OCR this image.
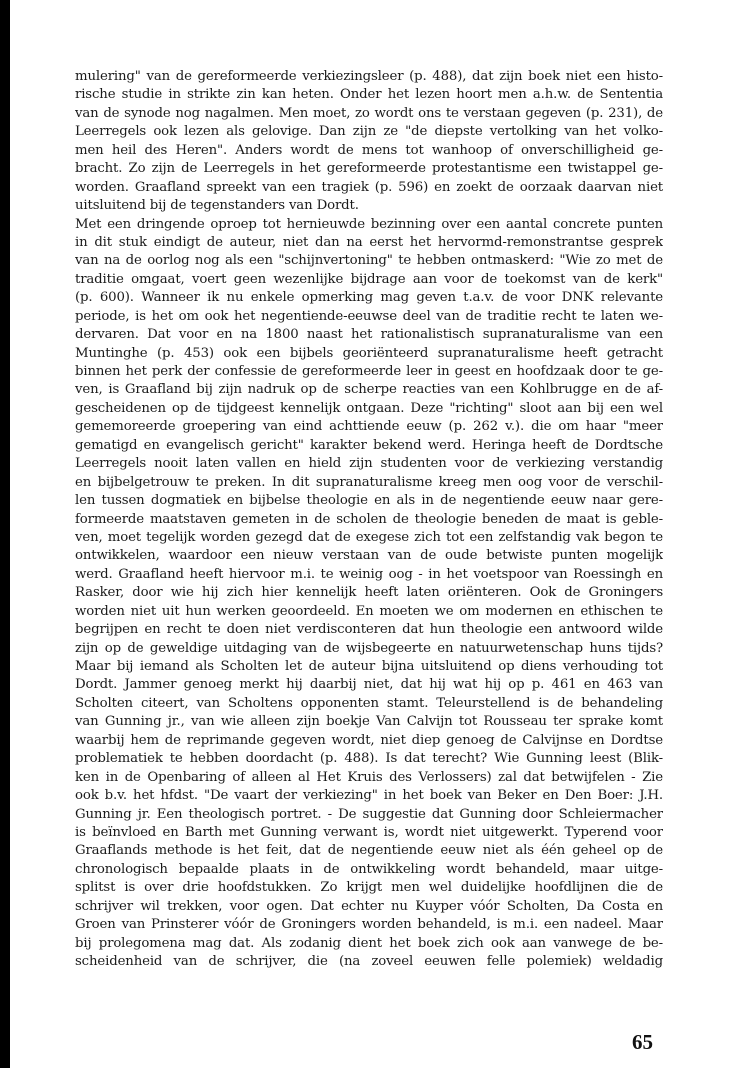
mulering" van de gereformeerde verkiezingsleer (p. 488), dat zijn boek niet een histo-
rische studie in strikte zin kan heten. Onder het lezen hoort men a.h.w. de Sententia
van de synode nog nagalmen. Men moet, zo wordt ons te verstaan gegeven (p. 231), de
Leerregels ook lezen als gelovige. Dan zijn ze "de diepste vertolking van het volko-
men heil des Heren". Anders wordt de mens tot wanhoop of onverschilligheid ge-
bracht. Zo zijn de Leerregels in het gereformeerde protestantisme een twistappel ge-
worden. Graafland spreekt van een tragiek (p. 596) en zoekt de oorzaak daarvan niet
uitsluitend bij de tegenstanders van Dordt.
Met een dringende oproep tot hernieuwde bezinning over een aantal concrete punten
in dit stuk eindigt de auteur, niet dan na eerst het hervormd-remonstrantse gesprek
van na de oorlog nog als een "schijnvertoning" te hebben ontmaskerd: "Wie zo met de
traditie omgaat, voert geen wezenlijke bijdrage aan voor de toekomst van de kerk"
(p. 600). Wanneer ik nu enkele opmerking mag geven t.a.v. de voor DNK relevante
periode, is het om ook het negentiende-eeuwse deel van de traditie recht te laten we-
dervaren. Dat voor en na 1800 naast het rationalistisch supranaturalisme van een
Muntinghe (p. 453) ook een bijbels georiënteerd supranaturalisme heeft getracht
binnen het perk der confessie de gereformeerde leer in geest en hoofdzaak door te ge-
ven, is Graafland bij zijn nadruk op de scherpe reacties van een Kohlbrugge en de af-
gescheidenen op de tijdgeest kennelijk ontgaan. Deze "richting" sloot aan bij een wel
gememoreerde groepering van eind achttiende eeuw (p. 262 v.). die om haar "meer
gematigd en evangelisch gericht" karakter bekend werd. Heringa heeft de Dordtsche
Leerregels nooit laten vallen en hield zijn studenten voor de verkiezing verstandig
en bijbelgetrouw te preken. In dit supranaturalisme kreeg men oog voor de verschil-
len tussen dogmatiek en bijbelse theologie en als in de negentiende eeuw naar gere-
formeerde maatstaven gemeten in de scholen de theologie beneden de maat is geble-
ven, moet tegelijk worden gezegd dat de exegese zich tot een zelfstandig vak begon te
ontwikkelen, waardoor een nieuw verstaan van de oude betwiste punten mogelijk
werd. Graafland heeft hiervoor m.i. te weinig oog - in het voetspoor van Roessingh en
Rasker, door wie hij zich hier kennelijk heeft laten oriënteren. Ook de Groningers
worden niet uit hun werken geoordeeld. En moeten we om modernen en ethischen te
begrijpen en recht te doen niet verdisconteren dat hun theologie een antwoord wilde
zijn op de geweldige uitdaging van de wijsbegeerte en natuurwetenschap huns tijds?
Maar bij iemand als Scholten let de auteur bijna uitsluitend op diens verhouding tot
Dordt. Jammer genoeg merkt hij daarbij niet, dat hij wat hij op p. 461 en 463 van
Scholten citeert, van Scholtens opponenten stamt. Teleurstellend is de behandeling
van Gunning jr., van wie alleen zijn boekje Van Calvijn tot Rousseau ter sprake komt
waarbij hem de reprimande gegeven wordt, niet diep genoeg de Calvijnse en Dordtse
problematiek te hebben doordacht (p. 488). Is dat terecht? Wie Gunning leest (Blik-
ken in de Openbaring of alleen al Het Kruis des Verlossers) zal dat betwijfelen - Zie
ook b.v. het hfdst. "De vaart der verkiezing" in het boek van Beker en Den Boer: J.H.
Gunning jr. Een theologisch portret. - De suggestie dat Gunning door Schleiermacher
is beïnvloed en Barth met Gunning verwant is, wordt niet uitgewerkt. Typerend voor
Graaflands methode is het feit, dat de negentiende eeuw niet als één geheel op de
chronologisch bepaalde plaats in de ontwikkeling wordt behandeld, maar uitge-
splitst is over drie hoofdstukken. Zo krijgt men wel duidelijke hoofdlijnen die de
schrijver wil trekken, voor ogen. Dat echter nu Kuyper vóór Scholten, Da Costa en
Groen van Prinsterer vóór de Groningers worden behandeld, is m.i. een nadeel. Maar
bij prolegomena mag dat. Als zodanig dient het boek zich ook aan vanwege de be-
scheidenheid van de schrijver, die (na zoveel eeuwen felle polemiek) weldadig
65
